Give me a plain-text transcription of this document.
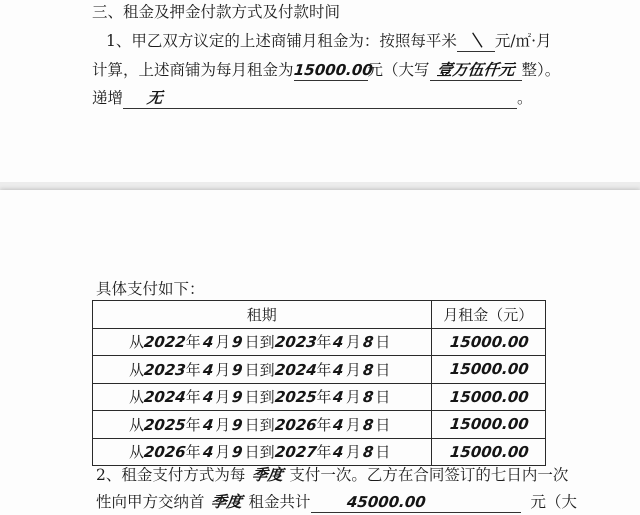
三、租金及押金付款方式及付款时间
1、甲乙双方议定的上述商铺月租金为：按照每平米 ＼ 元/㎡·月
计算，上述商铺为每月租金为15000.00元（大写 壹万伍仟元 整）。
递增 无	。
具体支付如下：
租期	月租金（元）
从2022年4月9日到2023年4月8日	15000.00
从2023年4月9日到2024年4月8日	15000.00
从2024年4月9日到2025年4月8日	15000.00
从2025年4月9日到2026年4月8日	15000.00
从2026年4月9日到2027年4月8日	15000.00
2、租金支付方式为每 季度 支付一次。乙方在合同签订的七日内一次
性向甲方交纳首 季度 租金共计 45000.00	元（大
